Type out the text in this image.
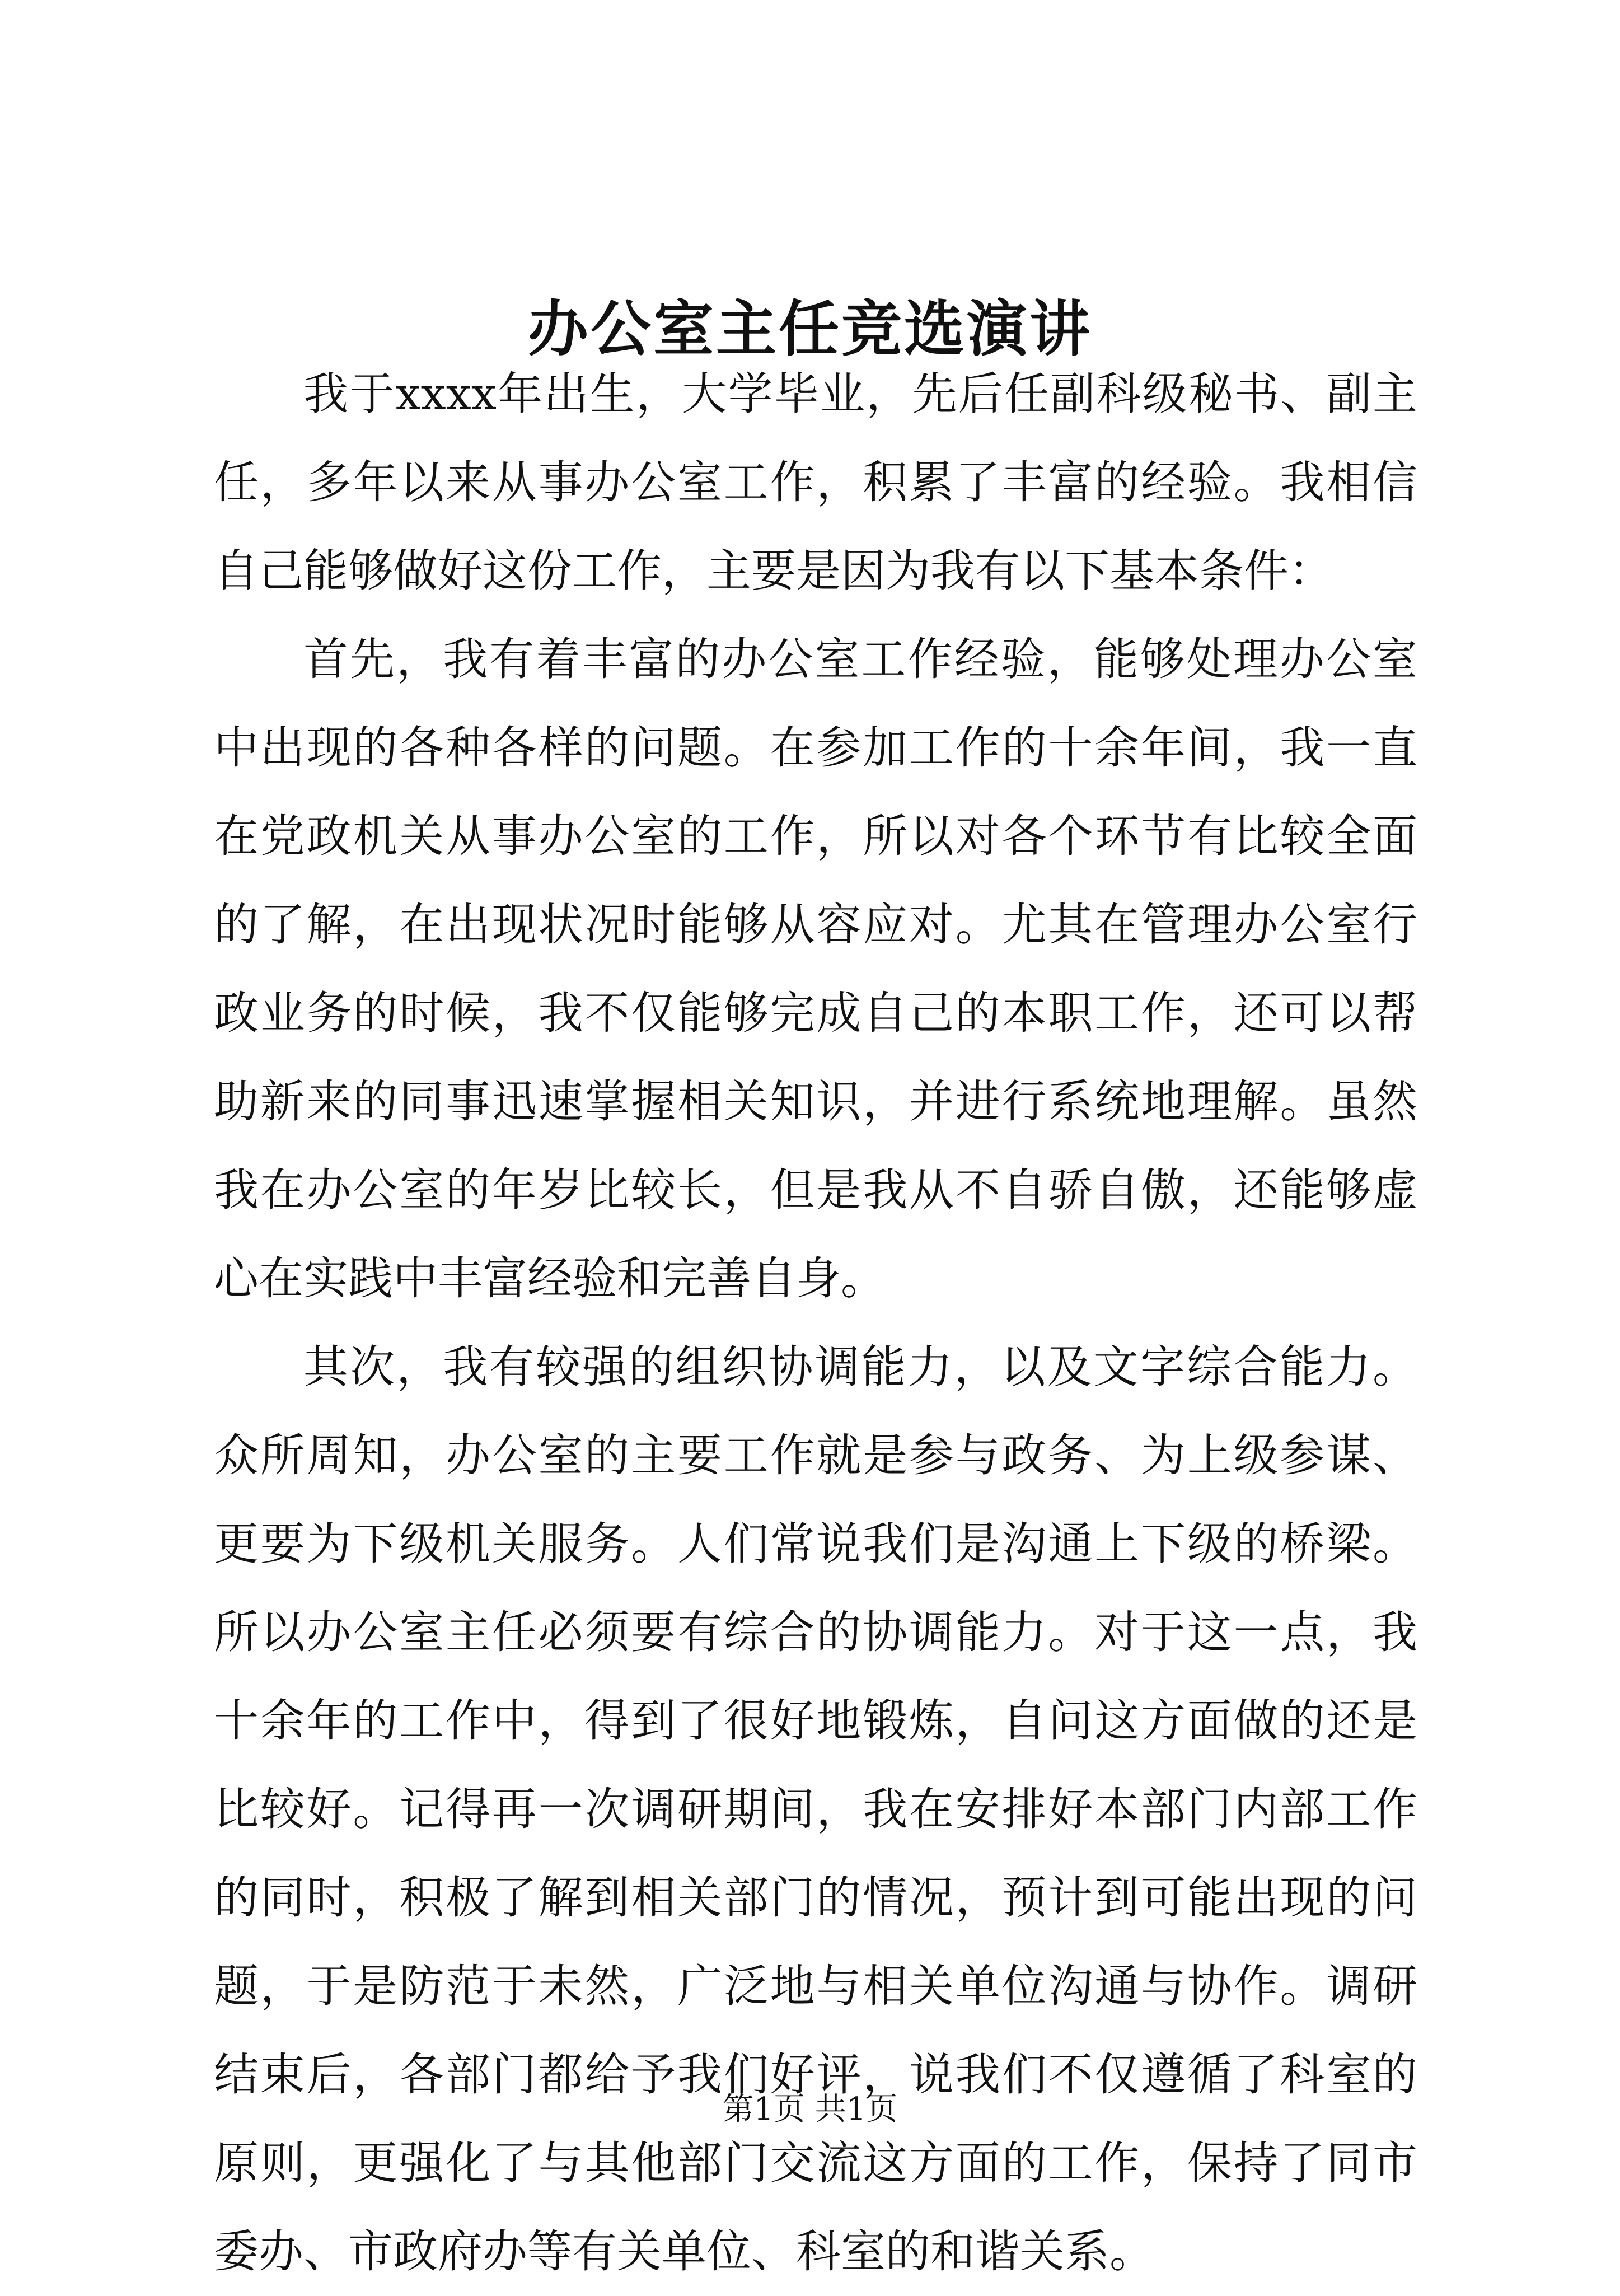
办公室主任竞选演讲

我于xxxx年出生，大学毕业，先后任副科级秘书、副主任，多年以来从事办公室工作，积累了丰富的经验。我相信自己能够做好这份工作，主要是因为我有以下基本条件：

首先，我有着丰富的办公室工作经验，能够处理办公室中出现的各种各样的问题。在参加工作的十余年间，我一直在党政机关从事办公室的工作，所以对各个环节有比较全面的了解，在出现状况时能够从容应对。尤其在管理办公室行政业务的时候，我不仅能够完成自己的本职工作，还可以帮助新来的同事迅速掌握相关知识，并进行系统地理解。虽然我在办公室的年岁比较长，但是我从不自骄自傲，还能够虚心在实践中丰富经验和完善自身。

其次，我有较强的组织协调能力，以及文字综合能力。众所周知，办公室的主要工作就是参与政务、为上级参谋、更要为下级机关服务。人们常说我们是沟通上下级的桥梁。所以办公室主任必须要有综合的协调能力。对于这一点，我十余年的工作中，得到了很好地锻炼，自问这方面做的还是比较好。记得再一次调研期间，我在安排好本部门内部工作的同时，积极了解到相关部门的情况，预计到可能出现的问题，于是防范于未然，广泛地与相关单位沟通与协作。调研结束后，各部门都给予我们好评，说我们不仅遵循了科室的原则，更强化了与其他部门交流这方面的工作，保持了同市委办、市政府办等有关单位、科室的和谐关系。

第1页 共1页
